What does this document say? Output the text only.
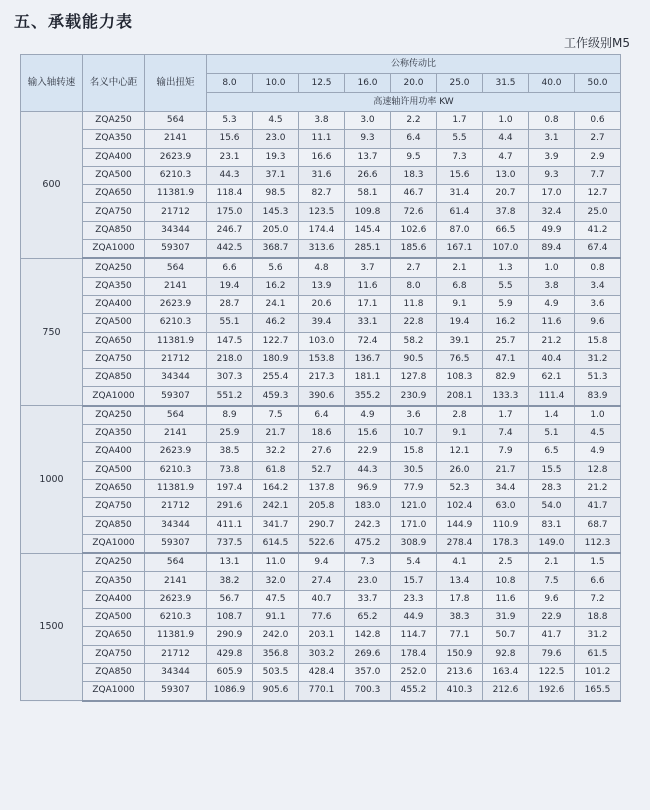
五、承载能力表
工作级别M5
输入轴转速	名义中心距	输出扭矩	公称传动比								
			8.0	10.0	12.5	16.0	20.0	25.0	31.5	40.0	50.0
			高速轴许用功率 KW								
600	ZQA250	564	5.3	4.5	3.8	3.0	2.2	1.7	1.0	0.8	0.6
	ZQA350	2141	15.6	23.0	11.1	9.3	6.4	5.5	4.4	3.1	2.7
	ZQA400	2623.9	23.1	19.3	16.6	13.7	9.5	7.3	4.7	3.9	2.9
	ZQA500	6210.3	44.3	37.1	31.6	26.6	18.3	15.6	13.0	9.3	7.7
	ZQA650	11381.9	118.4	98.5	82.7	58.1	46.7	31.4	20.7	17.0	12.7
	ZQA750	21712	175.0	145.3	123.5	109.8	72.6	61.4	37.8	32.4	25.0
	ZQA850	34344	246.7	205.0	174.4	145.4	102.6	87.0	66.5	49.9	41.2
	ZQA1000	59307	442.5	368.7	313.6	285.1	185.6	167.1	107.0	89.4	67.4
750	ZQA250	564	6.6	5.6	4.8	3.7	2.7	2.1	1.3	1.0	0.8
	ZQA350	2141	19.4	16.2	13.9	11.6	8.0	6.8	5.5	3.8	3.4
	ZQA400	2623.9	28.7	24.1	20.6	17.1	11.8	9.1	5.9	4.9	3.6
	ZQA500	6210.3	55.1	46.2	39.4	33.1	22.8	19.4	16.2	11.6	9.6
	ZQA650	11381.9	147.5	122.7	103.0	72.4	58.2	39.1	25.7	21.2	15.8
	ZQA750	21712	218.0	180.9	153.8	136.7	90.5	76.5	47.1	40.4	31.2
	ZQA850	34344	307.3	255.4	217.3	181.1	127.8	108.3	82.9	62.1	51.3
	ZQA1000	59307	551.2	459.3	390.6	355.2	230.9	208.1	133.3	111.4	83.9
1000	ZQA250	564	8.9	7.5	6.4	4.9	3.6	2.8	1.7	1.4	1.0
	ZQA350	2141	25.9	21.7	18.6	15.6	10.7	9.1	7.4	5.1	4.5
	ZQA400	2623.9	38.5	32.2	27.6	22.9	15.8	12.1	7.9	6.5	4.9
	ZQA500	6210.3	73.8	61.8	52.7	44.3	30.5	26.0	21.7	15.5	12.8
	ZQA650	11381.9	197.4	164.2	137.8	96.9	77.9	52.3	34.4	28.3	21.2
	ZQA750	21712	291.6	242.1	205.8	183.0	121.0	102.4	63.0	54.0	41.7
	ZQA850	34344	411.1	341.7	290.7	242.3	171.0	144.9	110.9	83.1	68.7
	ZQA1000	59307	737.5	614.5	522.6	475.2	308.9	278.4	178.3	149.0	112.3
1500	ZQA250	564	13.1	11.0	9.4	7.3	5.4	4.1	2.5	2.1	1.5
	ZQA350	2141	38.2	32.0	27.4	23.0	15.7	13.4	10.8	7.5	6.6
	ZQA400	2623.9	56.7	47.5	40.7	33.7	23.3	17.8	11.6	9.6	7.2
	ZQA500	6210.3	108.7	91.1	77.6	65.2	44.9	38.3	31.9	22.9	18.8
	ZQA650	11381.9	290.9	242.0	203.1	142.8	114.7	77.1	50.7	41.7	31.2
	ZQA750	21712	429.8	356.8	303.2	269.6	178.4	150.9	92.8	79.6	61.5
	ZQA850	34344	605.9	503.5	428.4	357.0	252.0	213.6	163.4	122.5	101.2
	ZQA1000	59307	1086.9	905.6	770.1	700.3	455.2	410.3	212.6	192.6	165.5
